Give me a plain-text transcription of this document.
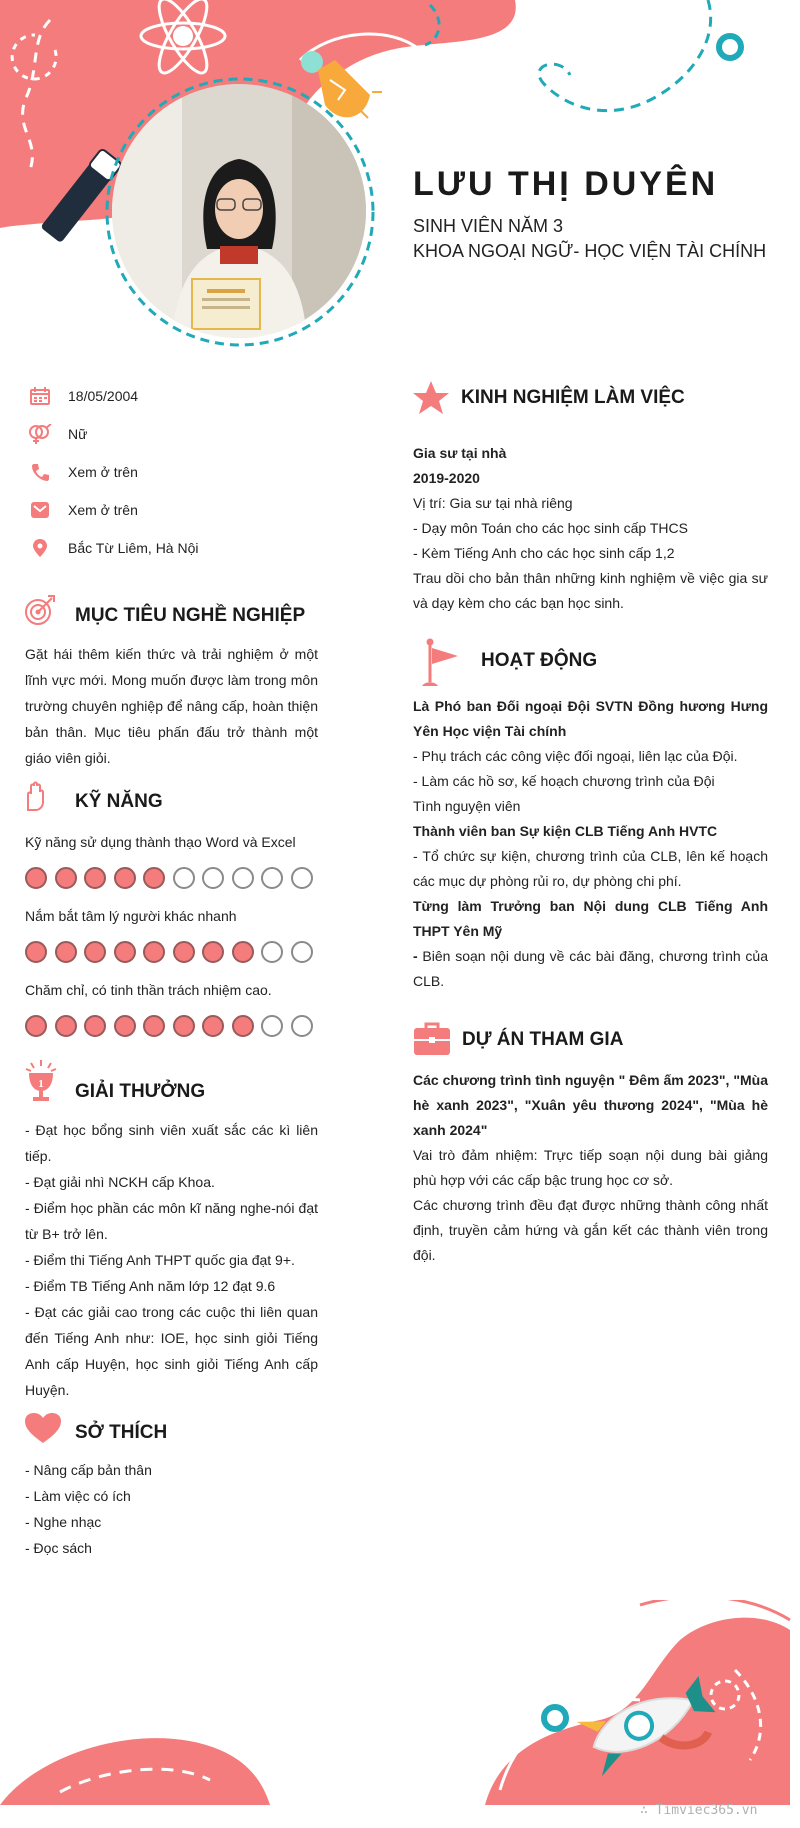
LƯU THỊ DUYÊN
SINH VIÊN NĂM 3
KHOA NGOẠI NGỮ- HỌC VIỆN TÀI CHÍNH
18/05/2004
Nữ
Xem ở trên
Xem ở trên
Bắc Từ Liêm, Hà Nội
MỤC TIÊU NGHỀ NGHIỆP
Gặt hái thêm kiến thức và trải nghiệm ở một lĩnh vực mới. Mong muốn được làm trong môn trường chuyên nghiệp để nâng cấp, hoàn thiện bản thân. Mục tiêu phấn đấu trở thành một giáo viên giỏi.
KỸ NĂNG
Kỹ năng sử dụng thành thạo Word và Excel
Nắm bắt tâm lý người khác nhanh
Chăm chỉ, có tinh thần trách nhiệm cao.
1 GIẢI THƯỞNG

- Đạt học bổng sinh viên xuất sắc các kì liên tiếp.

- Đạt giải nhì NCKH cấp Khoa.

- Điểm học phần các môn kĩ năng nghe-nói đạt từ B+ trở lên.

- Điểm thi Tiếng Anh THPT quốc gia đạt 9+.

- Điểm TB Tiếng Anh năm lớp 12 đạt 9.6

- Đạt các giải cao trong các cuộc thi liên quan đến Tiếng Anh như: IOE, học sinh giỏi Tiếng Anh cấp Huyện, học sinh giỏi Tiếng Anh cấp Huyện.

SỞ THÍCH

- Nâng cấp bản thân

- Làm việc có ích

- Nghe nhạc

- Đọc sách

KINH NGHIỆM LÀM VIỆC

Gia sư tại nhà

2019-2020

Vị trí: Gia sư tại nhà riêng

- Dạy môn Toán cho các học sinh cấp THCS

- Kèm Tiếng Anh cho các học sinh cấp 1,2

Trau dồi cho bản thân những kinh nghiệm về việc gia sư và dạy kèm cho các bạn học sinh.

HOẠT ĐỘNG

Là Phó ban Đối ngoại Đội SVTN Đồng hương Hưng Yên Học viện Tài chính

- Phụ trách các công việc đối ngoại, liên lạc của Đội.

- Làm các hồ sơ, kế hoạch chương trình của Đội

Tình nguyện viên

Thành viên ban Sự kiện CLB Tiếng Anh HVTC

- Tổ chức sự kiện, chương trình của CLB, lên kế hoạch các mục dự phòng rủi ro, dự phòng chi phí.

Từng làm Trưởng ban Nội dung CLB Tiếng Anh THPT Yên Mỹ

- Biên soạn nội dung về các bài đăng, chương trình của CLB.

DỰ ÁN THAM GIA

Các chương trình tình nguyện " Đêm ấm 2023", "Mùa hè xanh 2023", "Xuân yêu thương 2024", "Mùa hè xanh 2024"

Vai trò đảm nhiệm: Trực tiếp soạn nội dung bài giảng phù hợp với các cấp bậc trung học cơ sở.

Các chương trình đều đạt được những thành công nhất định, truyền cảm hứng và gắn kết các thành viên trong đội.

∴ Timviec365.vn
